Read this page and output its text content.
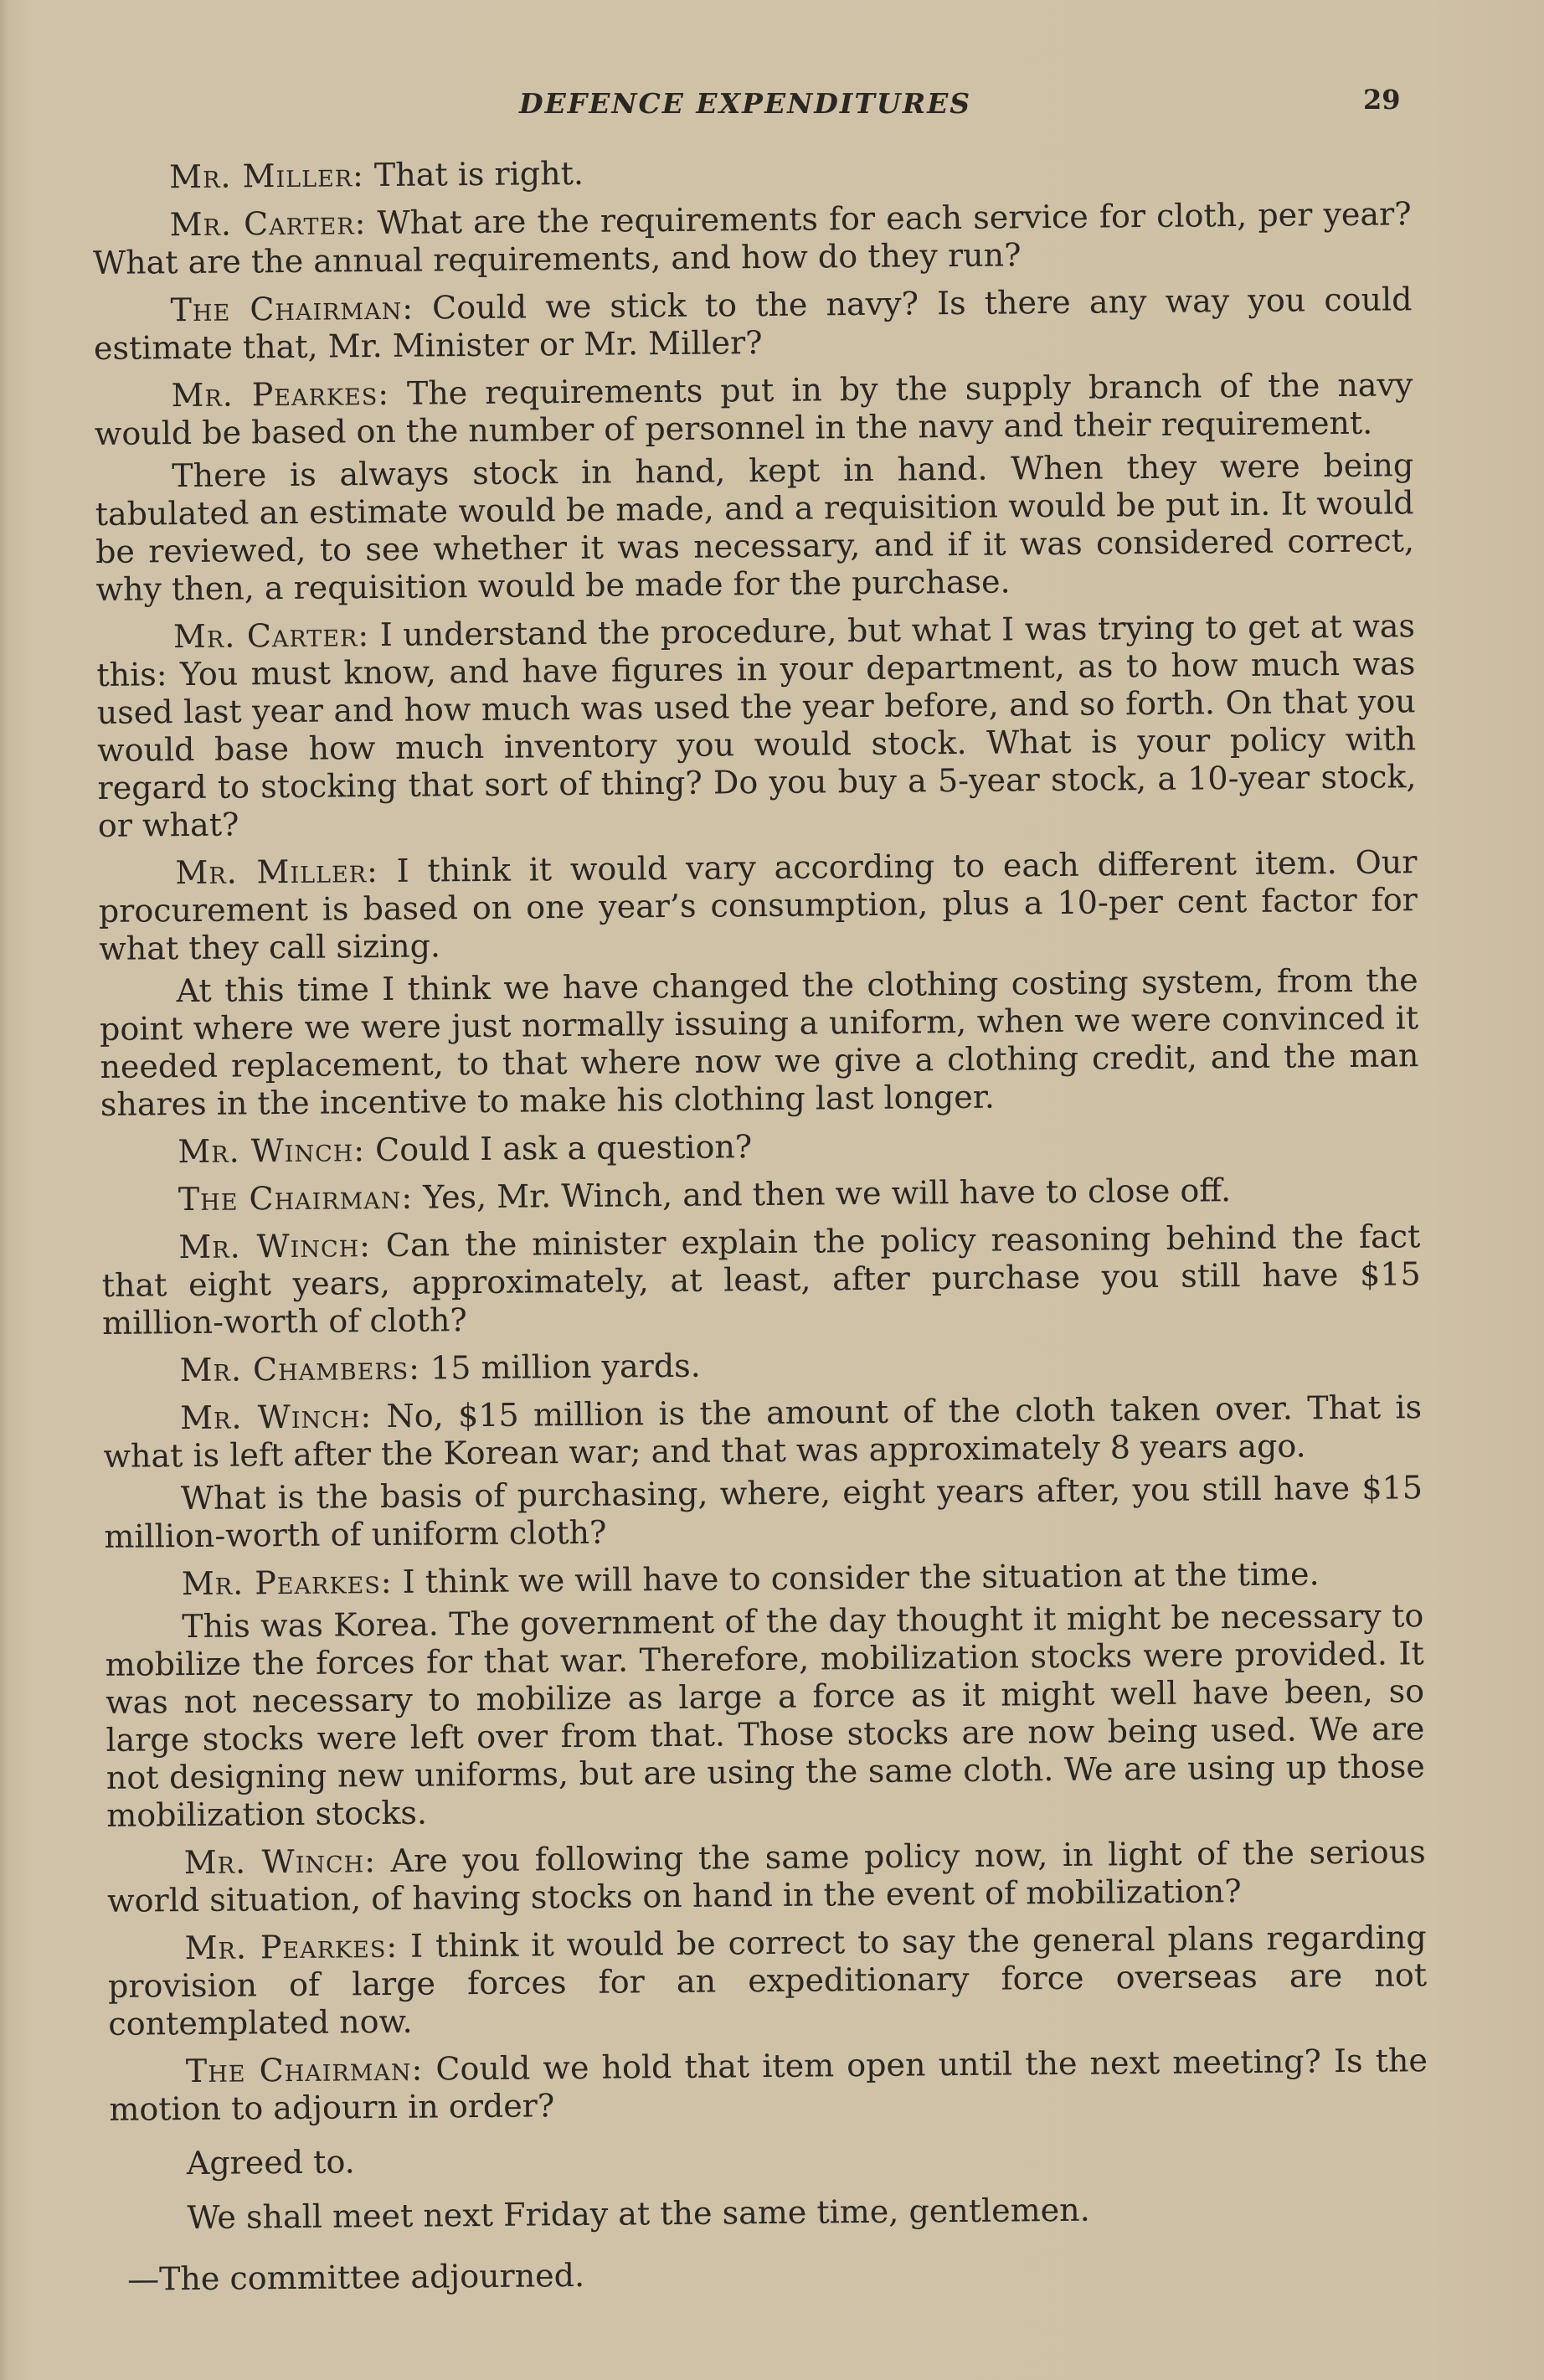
DEFENCE EXPENDITURES	29

Mr. Miller: That is right.

Mr. Carter: What are the requirements for each service for cloth, per year? What are the annual requirements, and how do they run?

The Chairman: Could we stick to the navy? Is there any way you could estimate that, Mr. Minister or Mr. Miller?

Mr. Pearkes: The requirements put in by the supply branch of the navy would be based on the number of personnel in the navy and their requirement.

There is always stock in hand, kept in hand. When they were being tabulated an estimate would be made, and a requisition would be put in. It would be reviewed, to see whether it was necessary, and if it was considered correct, why then, a requisition would be made for the purchase.

Mr. Carter: I understand the procedure, but what I was trying to get at was this: You must know, and have figures in your department, as to how much was used last year and how much was used the year before, and so forth. On that you would base how much inventory you would stock. What is your policy with regard to stocking that sort of thing? Do you buy a 5-year stock, a 10-year stock, or what?

Mr. Miller: I think it would vary according to each different item. Our procurement is based on one year’s consumption, plus a 10-per cent factor for what they call sizing.

At this time I think we have changed the clothing costing system, from the point where we were just normally issuing a uniform, when we were convinced it needed replacement, to that where now we give a clothing credit, and the man shares in the incentive to make his clothing last longer.

Mr. Winch: Could I ask a question?

The Chairman: Yes, Mr. Winch, and then we will have to close off.

Mr. Winch: Can the minister explain the policy reasoning behind the fact that eight years, approximately, at least, after purchase you still have $15 million-worth of cloth?

Mr. Chambers: 15 million yards.

Mr. Winch: No, $15 million is the amount of the cloth taken over. That is what is left after the Korean war; and that was approximately 8 years ago.

What is the basis of purchasing, where, eight years after, you still have $15 million-worth of uniform cloth?

Mr. Pearkes: I think we will have to consider the situation at the time.

This was Korea. The government of the day thought it might be necessary to mobilize the forces for that war. Therefore, mobilization stocks were provided. It was not necessary to mobilize as large a force as it might well have been, so large stocks were left over from that. Those stocks are now being used. We are not designing new uniforms, but are using the same cloth. We are using up those mobilization stocks.

Mr. Winch: Are you following the same policy now, in light of the serious world situation, of having stocks on hand in the event of mobilization?

Mr. Pearkes: I think it would be correct to say the general plans regarding provision of large forces for an expeditionary force overseas are not contemplated now.

The Chairman: Could we hold that item open until the next meeting? Is the motion to adjourn in order?

Agreed to.

We shall meet next Friday at the same time, gentlemen.

—The committee adjourned.
